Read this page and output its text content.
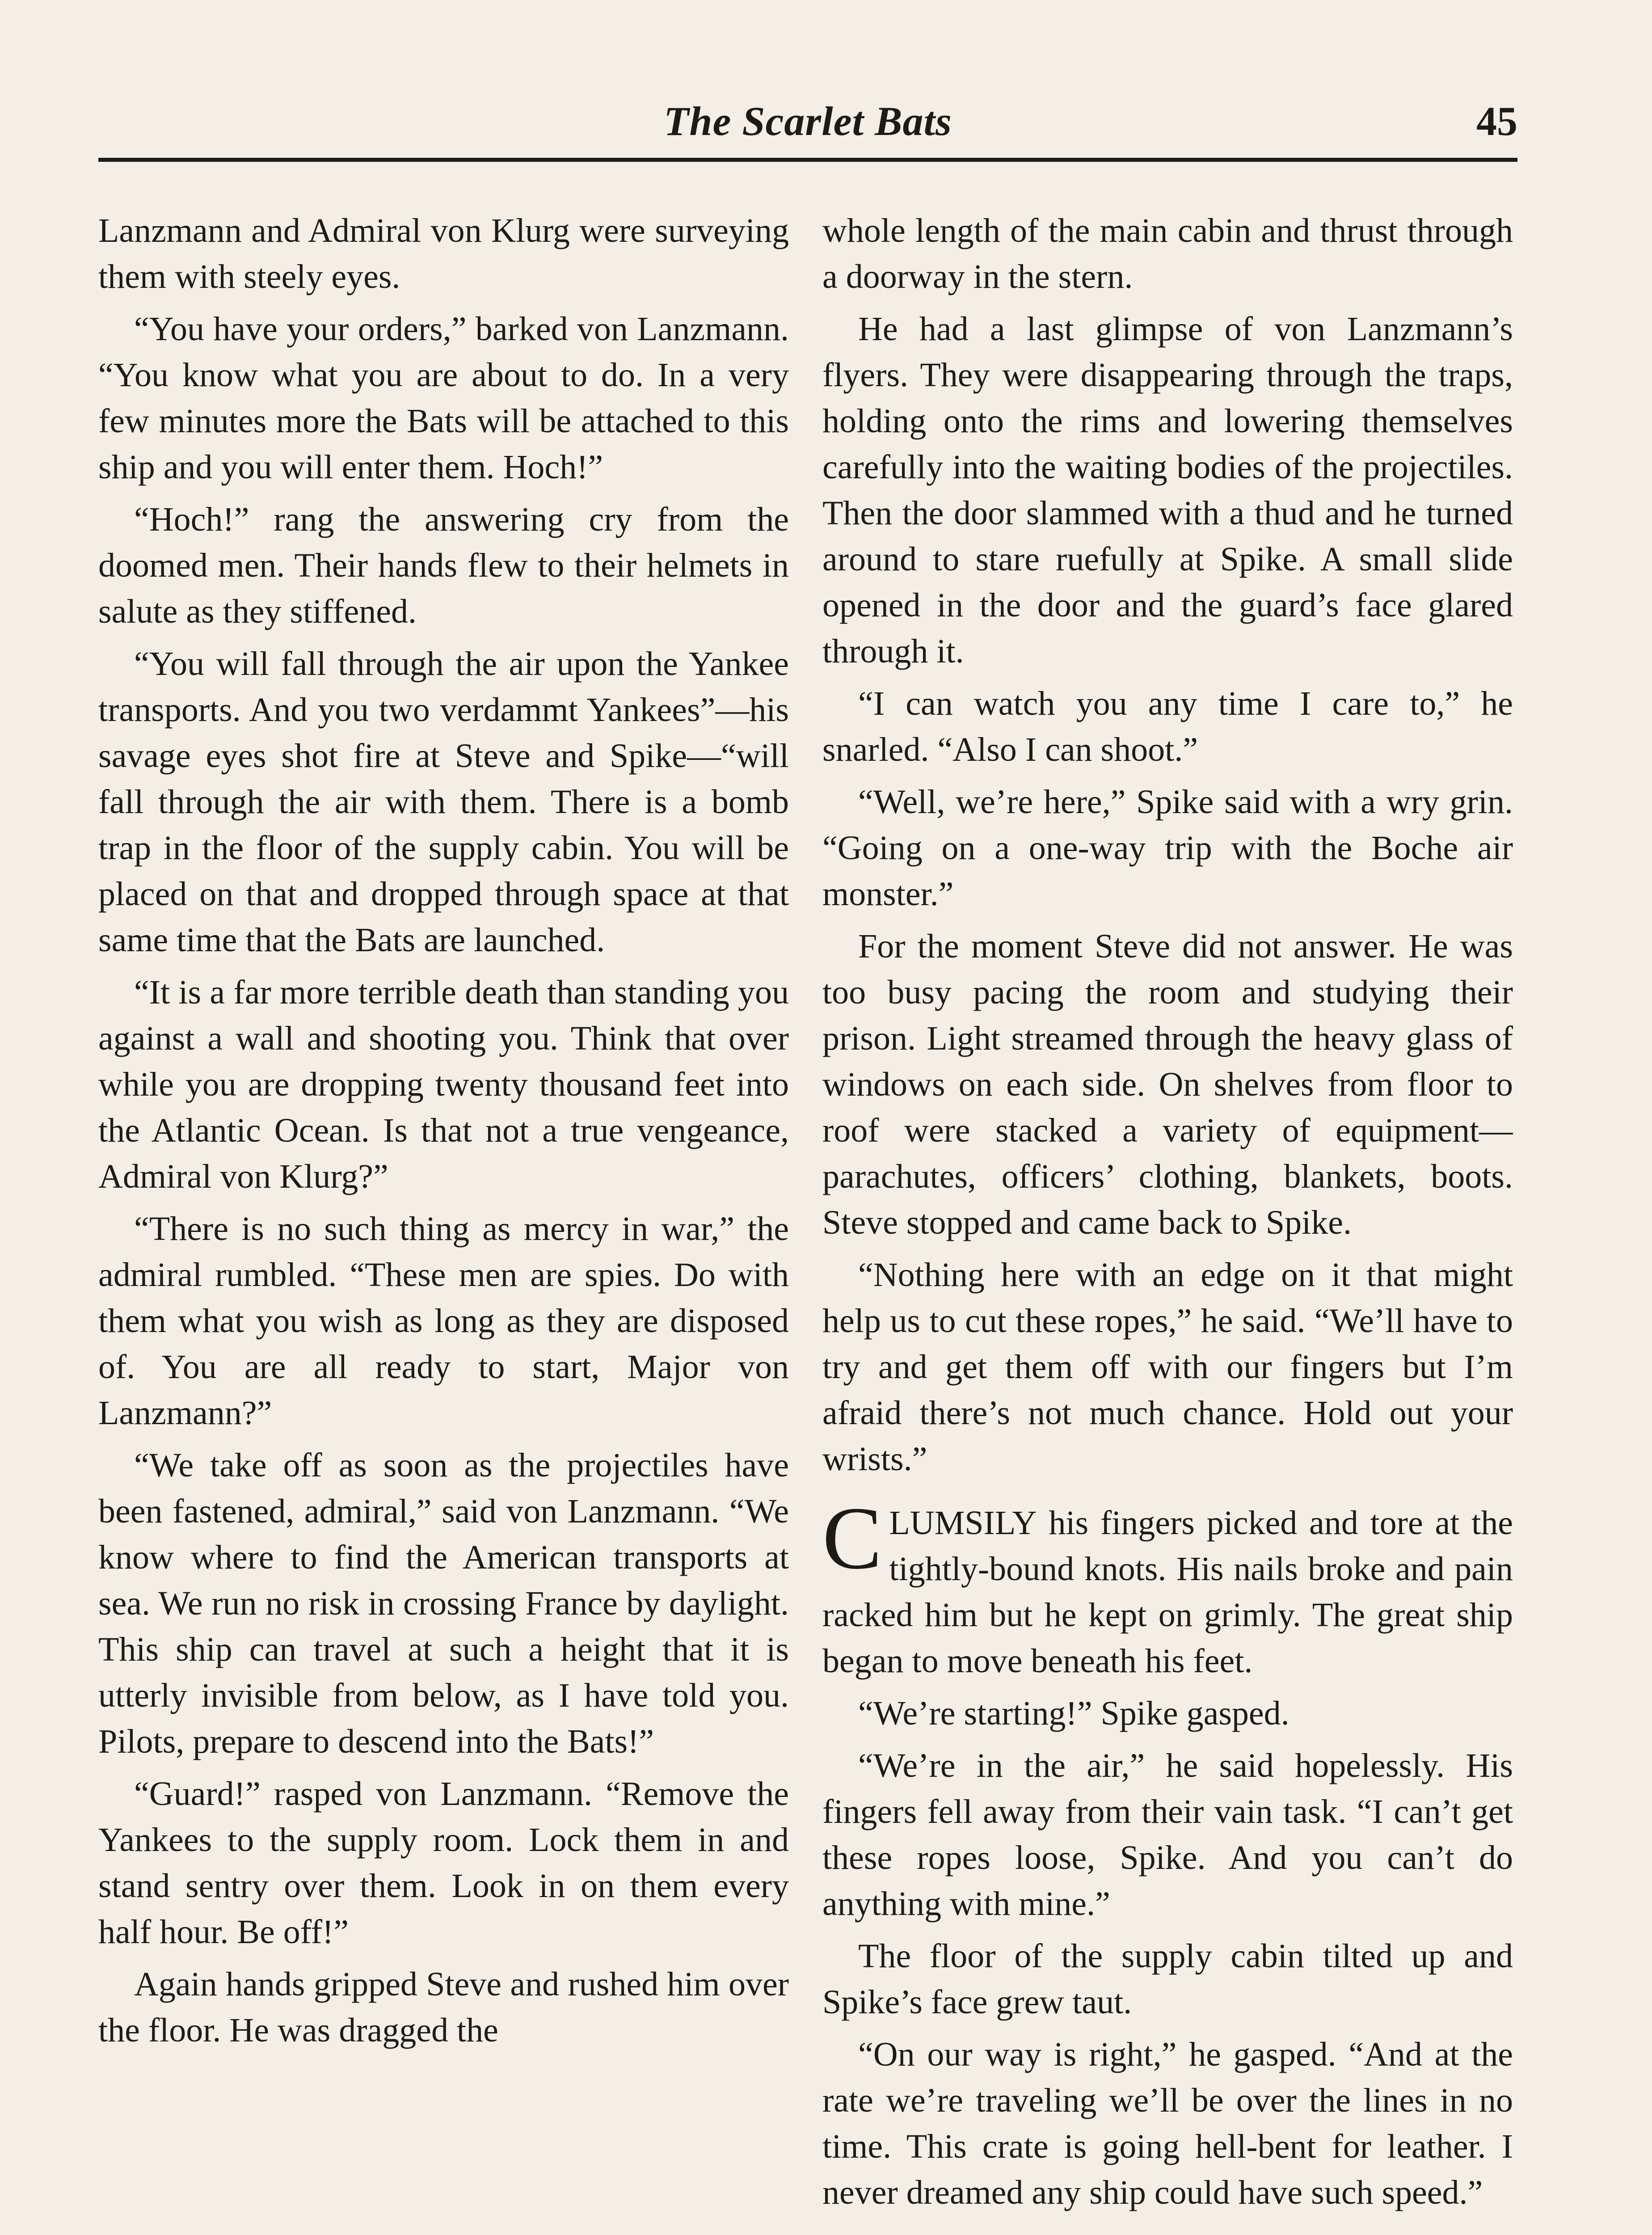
The Scarlet Bats	45

Lanzmann and Admiral von Klurg were surveying them with steely eyes.

“You have your orders,” barked von Lanzmann. “You know what you are about to do. In a very few minutes more the Bats will be attached to this ship and you will enter them. Hoch!”

“Hoch!” rang the answering cry from the doomed men. Their hands flew to their helmets in salute as they stiffened.

“You will fall through the air upon the Yankee transports. And you two verdammt Yankees”—his savage eyes shot fire at Steve and Spike—“will fall through the air with them. There is a bomb trap in the floor of the supply cabin. You will be placed on that and dropped through space at that same time that the Bats are launched.

“It is a far more terrible death than standing you against a wall and shooting you. Think that over while you are dropping twenty thousand feet into the Atlantic Ocean. Is that not a true vengeance, Admiral von Klurg?”

“There is no such thing as mercy in war,” the admiral rumbled. “These men are spies. Do with them what you wish as long as they are disposed of. You are all ready to start, Major von Lanzmann?”

“We take off as soon as the projectiles have been fastened, admiral,” said von Lanzmann. “We know where to find the American transports at sea. We run no risk in crossing France by daylight. This ship can travel at such a height that it is utterly invisible from below, as I have told you. Pilots, prepare to descend into the Bats!”

“Guard!” rasped von Lanzmann. “Remove the Yankees to the supply room. Lock them in and stand sentry over them. Look in on them every half hour. Be off!”

Again hands gripped Steve and rushed him over the floor. He was dragged the

whole length of the main cabin and thrust through a doorway in the stern.

He had a last glimpse of von Lanzmann’s flyers. They were disappearing through the traps, holding onto the rims and lowering themselves carefully into the waiting bodies of the projectiles. Then the door slammed with a thud and he turned around to stare ruefully at Spike. A small slide opened in the door and the guard’s face glared through it.

“I can watch you any time I care to,” he snarled. “Also I can shoot.”

“Well, we’re here,” Spike said with a wry grin. “Going on a one-way trip with the Boche air monster.”

For the moment Steve did not answer. He was too busy pacing the room and studying their prison. Light streamed through the heavy glass of windows on each side. On shelves from floor to roof were stacked a variety of equipment—parachutes, officers’ clothing, blankets, boots. Steve stopped and came back to Spike.

“Nothing here with an edge on it that might help us to cut these ropes,” he said. “We’ll have to try and get them off with our fingers but I’m afraid there’s not much chance. Hold out your wrists.”

CLUMSILY his fingers picked and tore at the tightly-bound knots. His nails broke and pain racked him but he kept on grimly. The great ship began to move beneath his feet.

“We’re starting!” Spike gasped.

“We’re in the air,” he said hopelessly. His fingers fell away from their vain task. “I can’t get these ropes loose, Spike. And you can’t do anything with mine.”

The floor of the supply cabin tilted up and Spike’s face grew taut.

“On our way is right,” he gasped. “And at the rate we’re traveling we’ll be over the lines in no time. This crate is going hell-bent for leather. I never dreamed any ship could have such speed.”
